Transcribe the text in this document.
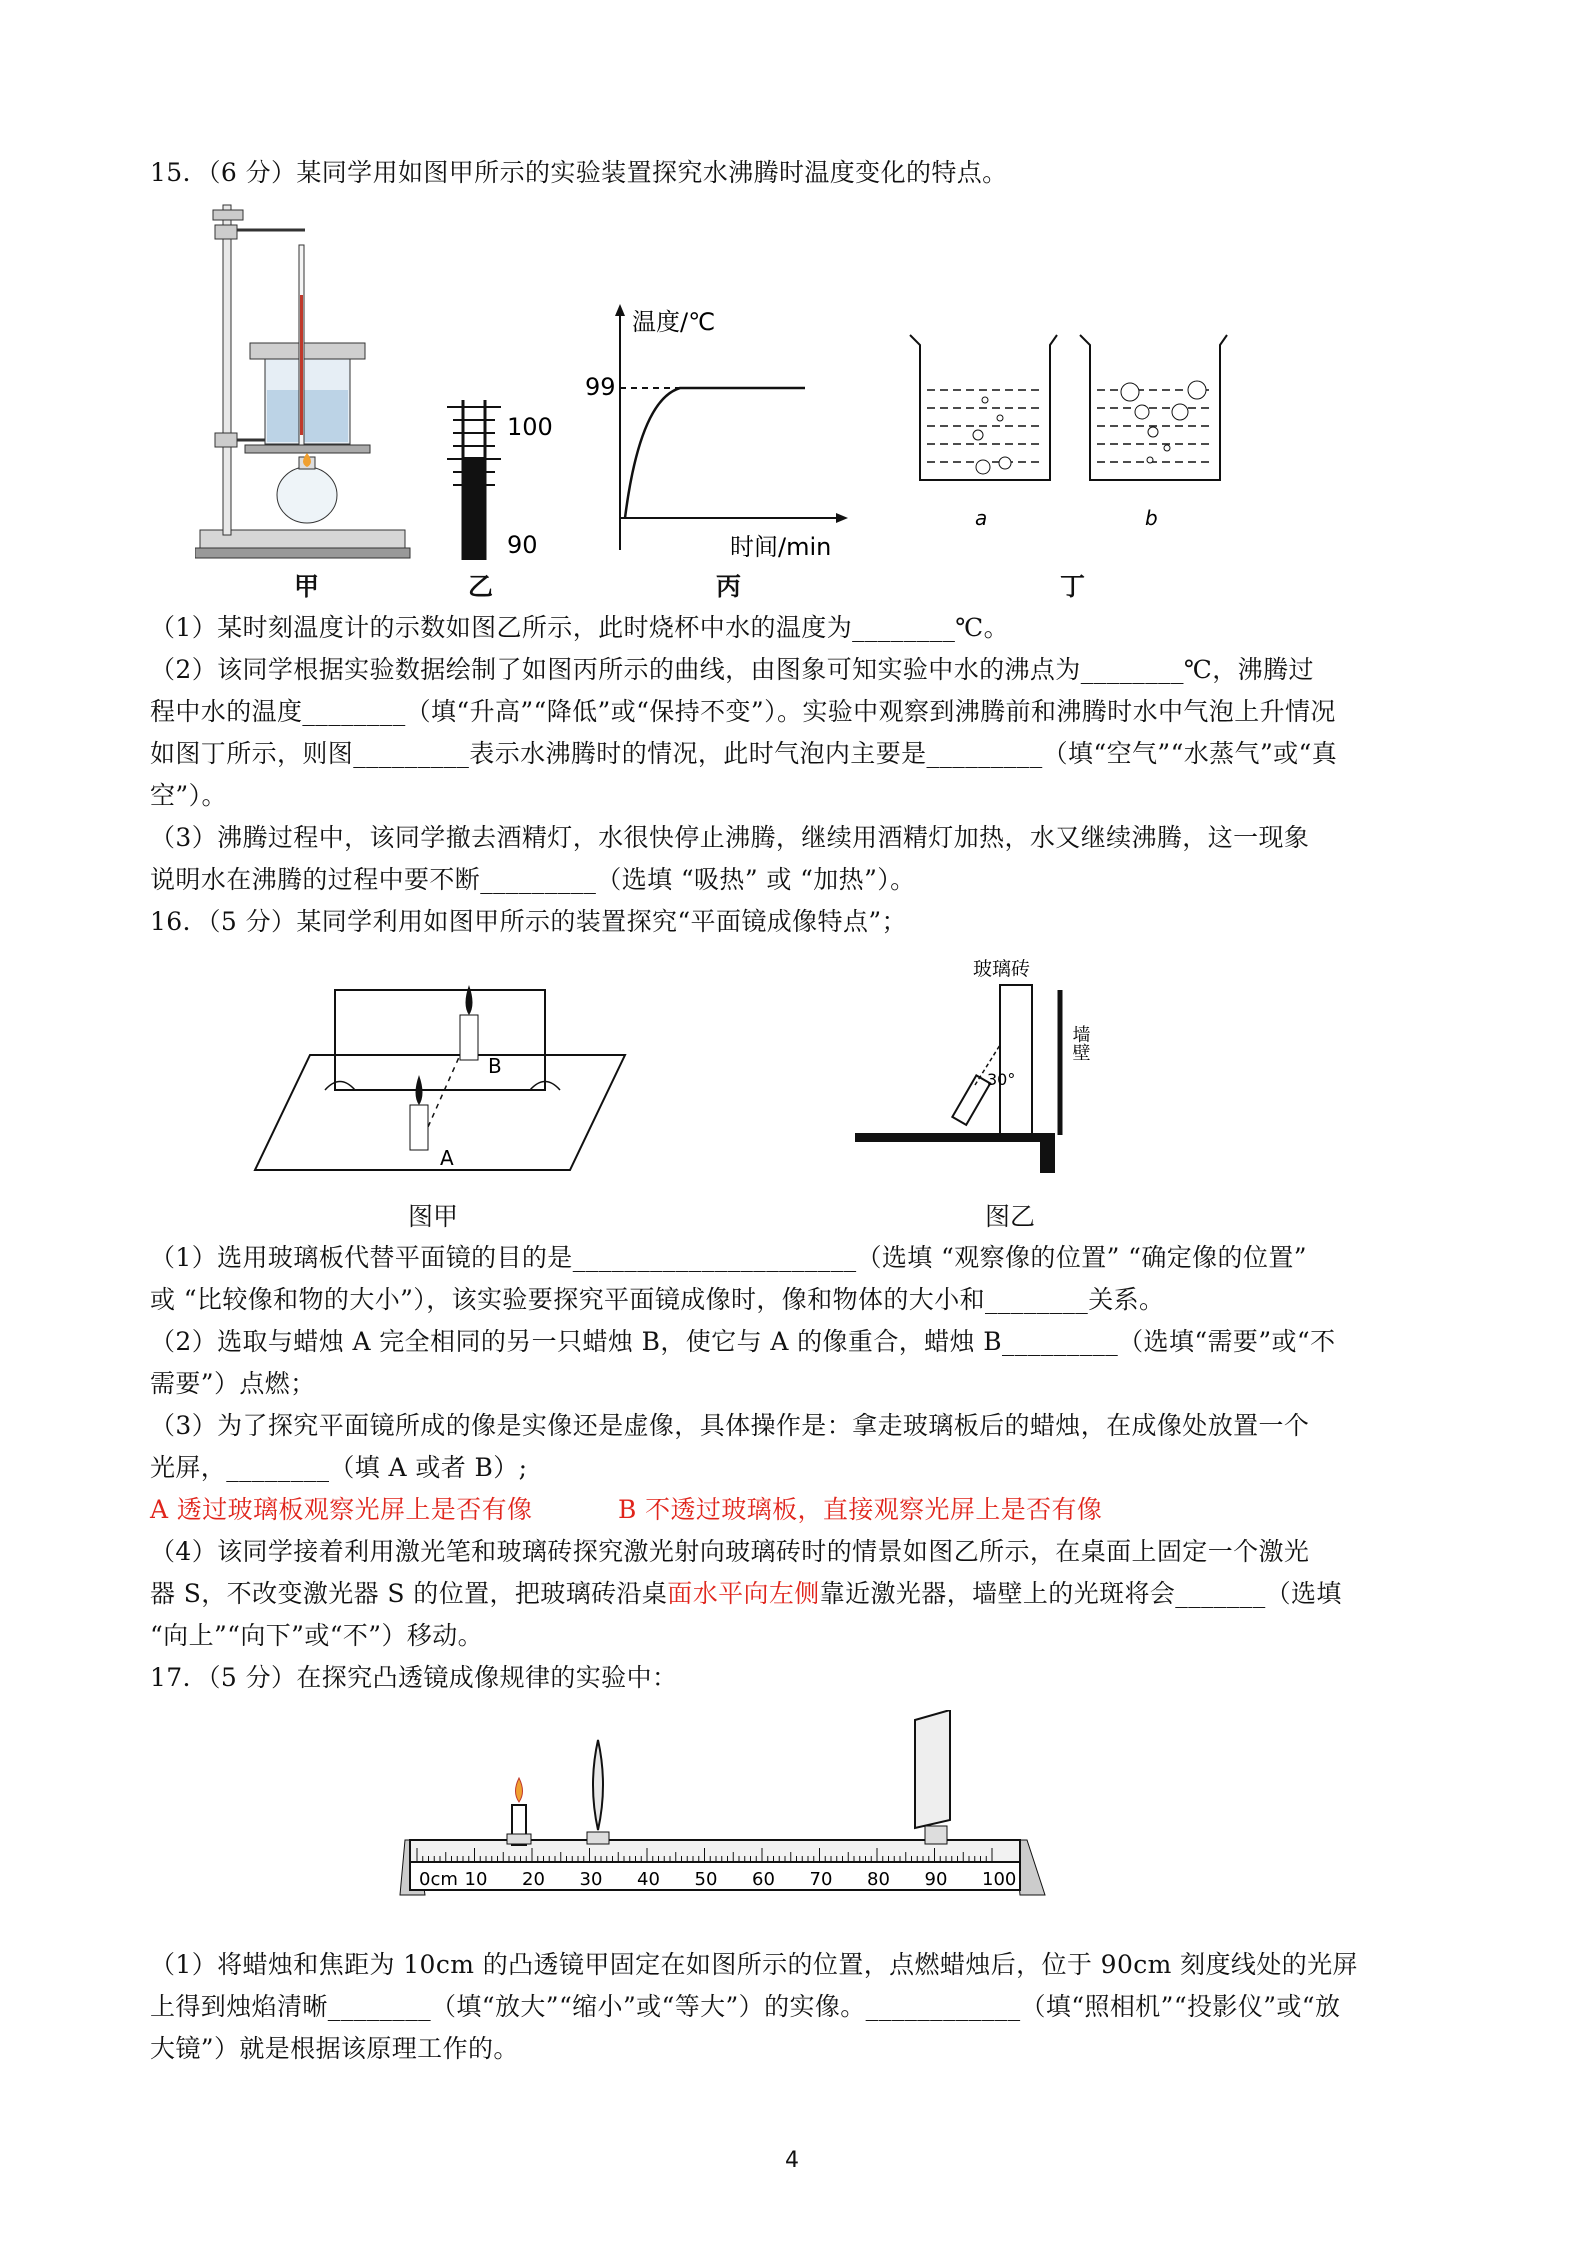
15．（6 分）某同学用如图甲所示的实验装置探究水沸腾时温度变化的特点。
甲
100
90
乙
温度/℃
99
时间/min
丙
a	b
丁
（1）某时刻温度计的示数如图乙所示，此时烧杯中水的温度为________℃。
（2）该同学根据实验数据绘制了如图丙所示的曲线，由图象可知实验中水的沸点为________℃，沸腾过
程中水的温度________（填“升高”“降低”或“保持不变”）。实验中观察到沸腾前和沸腾时水中气泡上升情况
如图丁所示，则图_________表示水沸腾时的情况，此时气泡内主要是_________（填“空气”“水蒸气”或“真
空”）。
（3）沸腾过程中，该同学撤去酒精灯，水很快停止沸腾，继续用酒精灯加热，水又继续沸腾，这一现象
说明水在沸腾的过程中要不断_________（选填 “吸热” 或 “加热”）。
16．（5 分）某同学利用如图甲所示的装置探究“平面镜成像特点”；
B
A
图甲
玻璃砖
墙壁
30°
图乙
（1）选用玻璃板代替平面镜的目的是______________________（选填 “观察像的位置” “确定像的位置”
或 “比较像和物的大小”），该实验要探究平面镜成像时，像和物体的大小和________关系。
（2）选取与蜡烛 A 完全相同的另一只蜡烛 B，使它与 A 的像重合，蜡烛 B_________（选填“需要”或“不
需要”）点燃；
（3）为了探究平面镜所成的像是实像还是虚像，具体操作是：拿走玻璃板后的蜡烛，在成像处放置一个
光屏，________（填 A 或者 B）;
A 透过玻璃板观察光屏上是否有像	B 不透过玻璃板，直接观察光屏上是否有像
（4）该同学接着利用激光笔和玻璃砖探究激光射向玻璃砖时的情景如图乙所示，在桌面上固定一个激光
器 S，不改变激光器 S 的位置，把玻璃砖沿桌面水平向左侧靠近激光器，墙壁上的光斑将会_______（选填
“向上”“向下”或“不”）移动。
17．（5 分）在探究凸透镜成像规律的实验中：
0cm 10 20 30 40 50 60 70 80 90 100
（1）将蜡烛和焦距为 10cm 的凸透镜甲固定在如图所示的位置，点燃蜡烛后，位于 90cm 刻度线处的光屏
上得到烛焰清晰________（填“放大”“缩小”或“等大”）的实像。____________（填“照相机”“投影仪”或“放
大镜”）就是根据该原理工作的。
4
